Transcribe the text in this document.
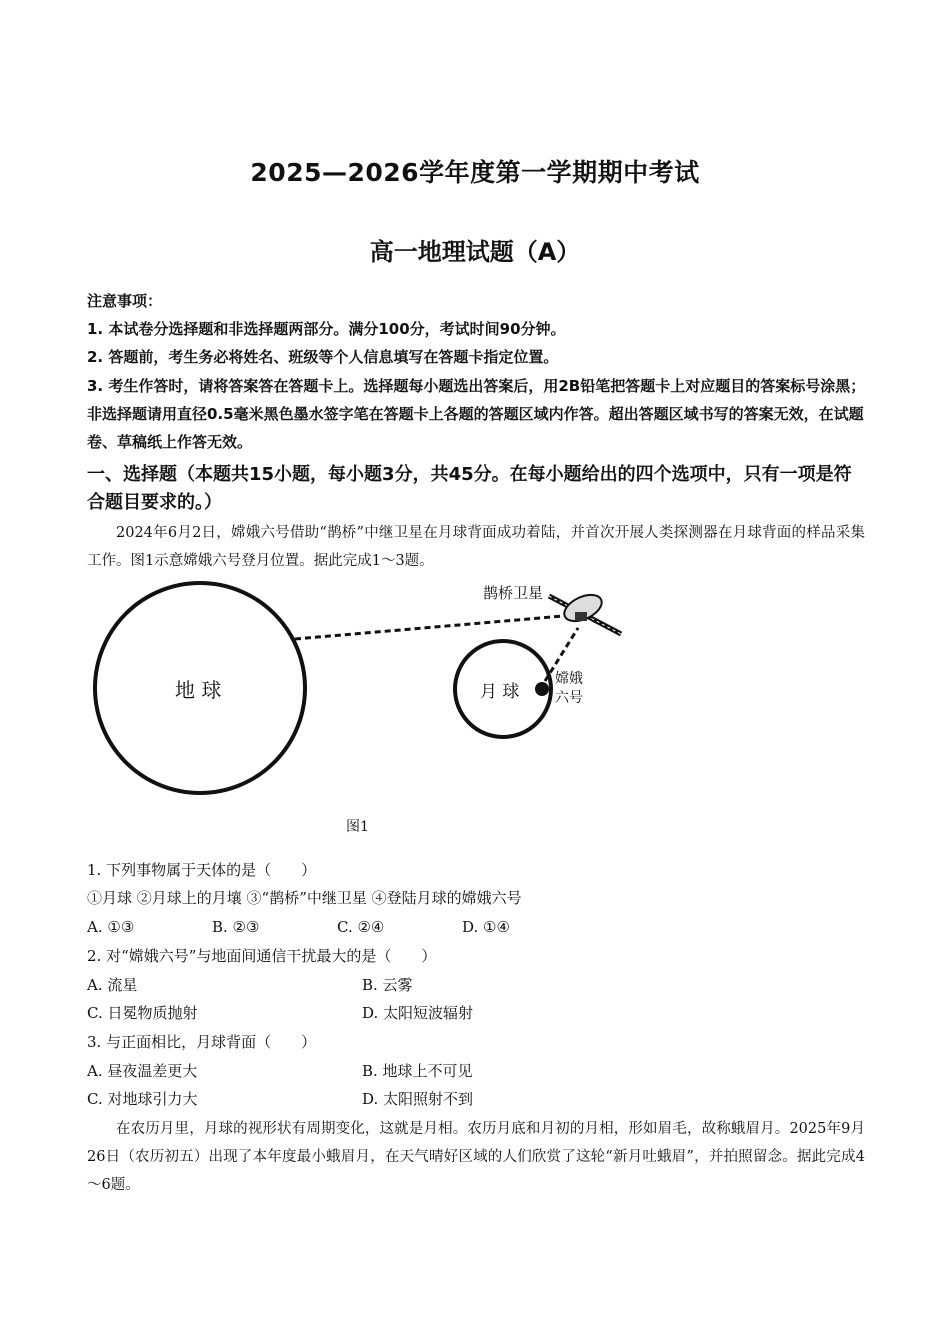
2025—2026学年度第一学期期中考试
高一地理试题（A）
注意事项：
1. 本试卷分选择题和非选择题两部分。满分100分，考试时间90分钟。
2. 答题前，考生务必将姓名、班级等个人信息填写在答题卡指定位置。
3. 考生作答时，请将答案答在答题卡上。选择题每小题选出答案后，用2B铅笔把答题卡上对应题目的答案标号涂黑；非选择题请用直径0.5毫米黑色墨水签字笔在答题卡上各题的答题区域内作答。超出答题区域书写的答案无效，在试题卷、草稿纸上作答无效。
一、选择题（本题共15小题，每小题3分，共45分。在每小题给出的四个选项中，只有一项是符合题目要求的。）
2024年6月2日，嫦娥六号借助“鹊桥”中继卫星在月球背面成功着陆，并首次开展人类探测器在月球背面的样品采集工作。图1示意嫦娥六号登月位置。据此完成1～3题。
地 球	月 球
鹊桥卫星
嫦娥
六号
图1
1. 下列事物属于天体的是（　　）
①月球 ②月球上的月壤 ③“鹊桥”中继卫星 ④登陆月球的嫦娥六号
A. ①③	B. ②③	C. ②④	D. ①④
2. 对“嫦娥六号”与地面间通信干扰最大的是（　　）
A. 流星	B. 云雾
C. 日冕物质抛射	D. 太阳短波辐射
3. 与正面相比，月球背面（　　）
A. 昼夜温差更大	B. 地球上不可见
C. 对地球引力大	D. 太阳照射不到
在农历月里，月球的视形状有周期变化，这就是月相。农历月底和月初的月相，形如眉毛，故称蛾眉月。2025年9月26日（农历初五）出现了本年度最小蛾眉月，在天气晴好区域的人们欣赏了这轮“新月吐蛾眉”，并拍照留念。据此完成4～6题。
